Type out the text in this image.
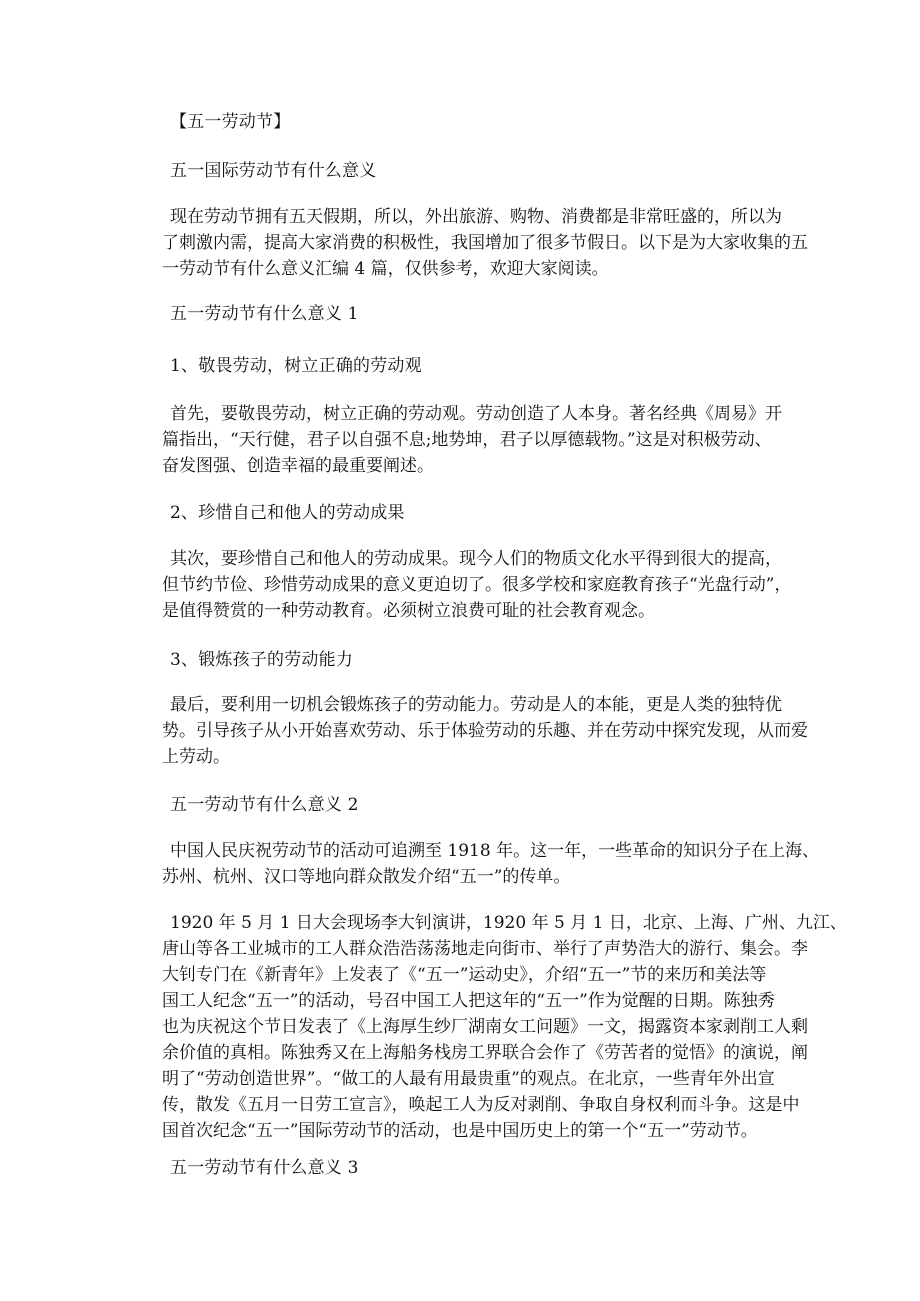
【五一劳动节】
五一国际劳动节有什么意义
现在劳动节拥有五天假期，所以，外出旅游、购物、消费都是非常旺盛的，所以为
了刺激内需，提高大家消费的积极性，我国增加了很多节假日。以下是为大家收集的五
一劳动节有什么意义汇编 4 篇，仅供参考，欢迎大家阅读。
五一劳动节有什么意义 1
1、敬畏劳动，树立正确的劳动观
首先，要敬畏劳动，树立正确的劳动观。劳动创造了人本身。著名经典《周易》开
篇指出，“天行健，君子以自强不息;地势坤，君子以厚德载物。”这是对积极劳动、
奋发图强、创造幸福的最重要阐述。
2、珍惜自己和他人的劳动成果
其次，要珍惜自己和他人的劳动成果。现今人们的物质文化水平得到很大的提高，
但节约节俭、珍惜劳动成果的意义更迫切了。很多学校和家庭教育孩子“光盘行动”，
是值得赞赏的一种劳动教育。必须树立浪费可耻的社会教育观念。
3、锻炼孩子的劳动能力
最后，要利用一切机会锻炼孩子的劳动能力。劳动是人的本能，更是人类的独特优
势。引导孩子从小开始喜欢劳动、乐于体验劳动的乐趣、并在劳动中探究发现，从而爱
上劳动。
五一劳动节有什么意义 2
中国人民庆祝劳动节的活动可追溯至 1918 年。这一年，一些革命的知识分子在上海、
苏州、杭州、汉口等地向群众散发介绍“五一”的传单。
1920 年 5 月 1 日大会现场李大钊演讲，1920 年 5 月 1 日，北京、上海、广州、九江、
唐山等各工业城市的工人群众浩浩荡荡地走向街市、举行了声势浩大的游行、集会。李
大钊专门在《新青年》上发表了《“五一”运动史》，介绍“五一”节的来历和美法等
国工人纪念“五一”的活动，号召中国工人把这年的“五一”作为觉醒的日期。陈独秀
也为庆祝这个节日发表了《上海厚生纱厂湖南女工问题》一文，揭露资本家剥削工人剩
余价值的真相。陈独秀又在上海船务栈房工界联合会作了《劳苦者的觉悟》的演说，阐
明了“劳动创造世界”。“做工的人最有用最贵重”的观点。在北京，一些青年外出宣
传，散发《五月一日劳工宣言》，唤起工人为反对剥削、争取自身权利而斗争。这是中
国首次纪念“五一”国际劳动节的活动，也是中国历史上的第一个“五一”劳动节。
五一劳动节有什么意义 3
